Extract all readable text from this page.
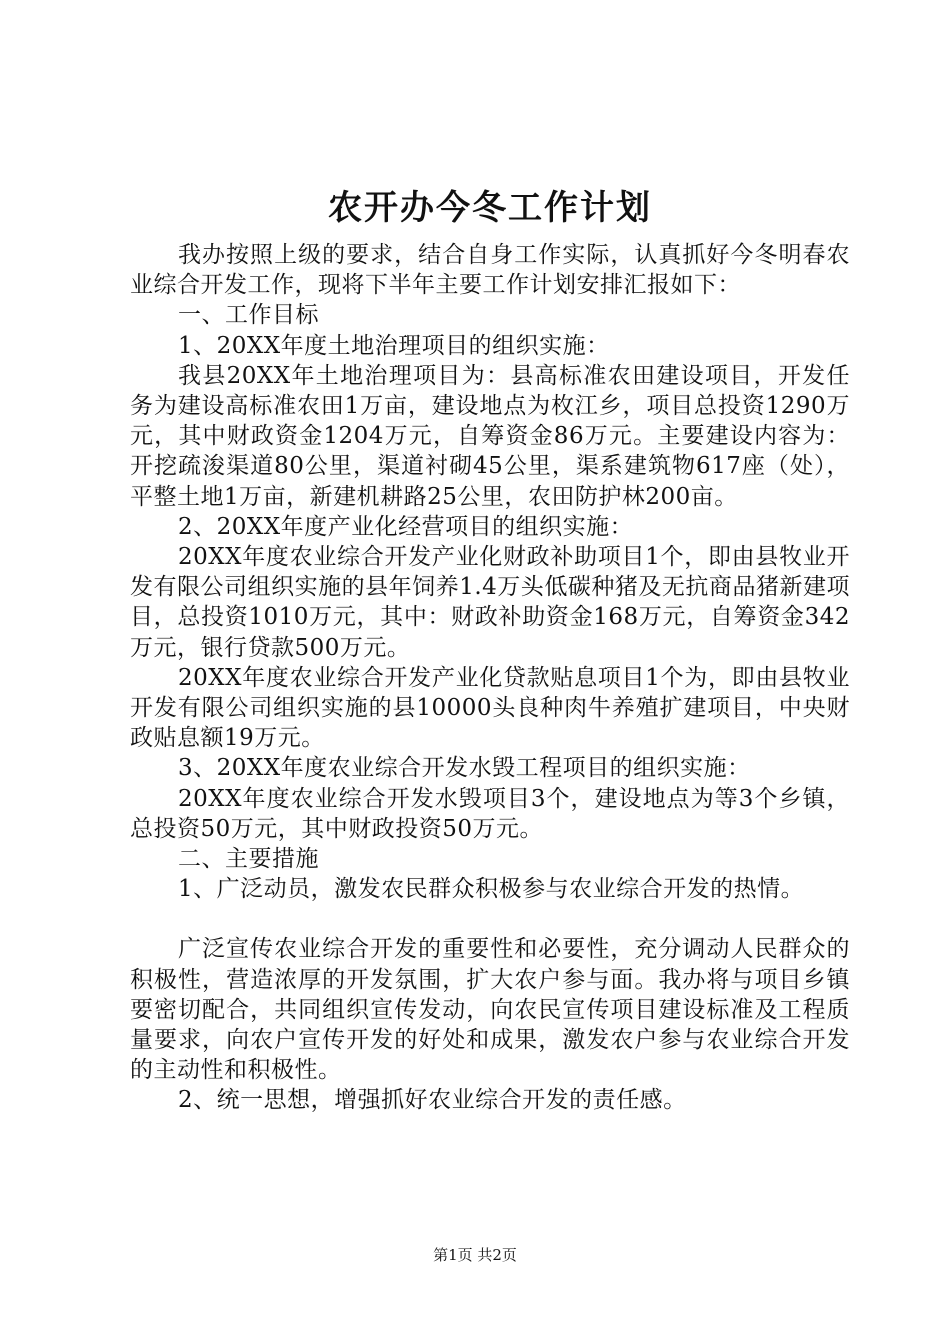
农开办今冬工作计划

我办按照上级的要求，结合自身工作实际，认真抓好今冬明春农业综合开发工作，现将下半年主要工作计划安排汇报如下：

一、工作目标

1、20XX年度土地治理项目的组织实施：

我县20XX年土地治理项目为：县高标准农田建设项目，开发任务为建设高标准农田1万亩，建设地点为枚江乡，项目总投资1290万元，其中财政资金1204万元，自筹资金86万元。主要建设内容为：开挖疏浚渠道80公里，渠道衬砌45公里，渠系建筑物617座（处），平整土地1万亩，新建机耕路25公里，农田防护林200亩。

2、20XX年度产业化经营项目的组织实施：

20XX年度农业综合开发产业化财政补助项目1个，即由县牧业开发有限公司组织实施的县年饲养1.4万头低碳种猪及无抗商品猪新建项目，总投资1010万元，其中：财政补助资金168万元，自筹资金342万元，银行贷款500万元。

20XX年度农业综合开发产业化贷款贴息项目1个为，即由县牧业开发有限公司组织实施的县10000头良种肉牛养殖扩建项目，中央财政贴息额19万元。

3、20XX年度农业综合开发水毁工程项目的组织实施：

20XX年度农业综合开发水毁项目3个，建设地点为等3个乡镇，总投资50万元，其中财政投资50万元。

二、主要措施

1、广泛动员，激发农民群众积极参与农业综合开发的热情。

广泛宣传农业综合开发的重要性和必要性，充分调动人民群众的积极性，营造浓厚的开发氛围，扩大农户参与面。我办将与项目乡镇要密切配合，共同组织宣传发动，向农民宣传项目建设标准及工程质量要求，向农户宣传开发的好处和成果，激发农户参与农业综合开发的主动性和积极性。

2、统一思想，增强抓好农业综合开发的责任感。

第1页 共2页
